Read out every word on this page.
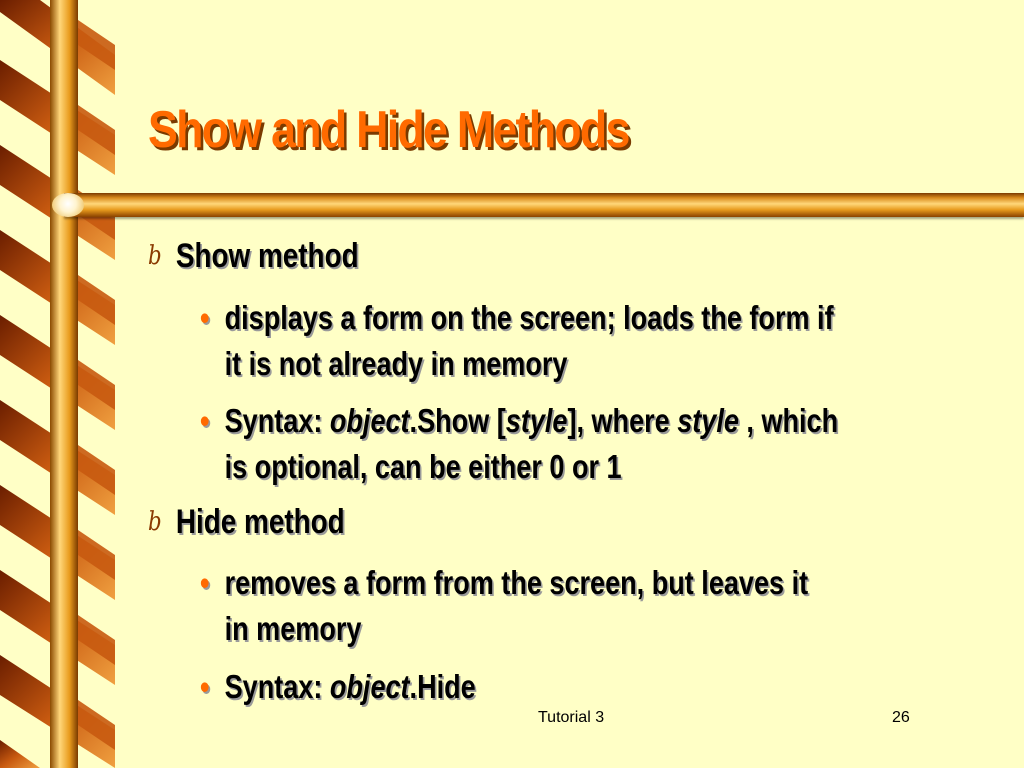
Show and Hide Methods
b Show method
• displays a form on the screen; loads the form if
it is not already in memory
• Syntax: object.Show [style], where style , which
is optional, can be either 0 or 1
b Hide method
• removes a form from the screen, but leaves it
in memory
• Syntax: object.Hide
Tutorial 3	26
